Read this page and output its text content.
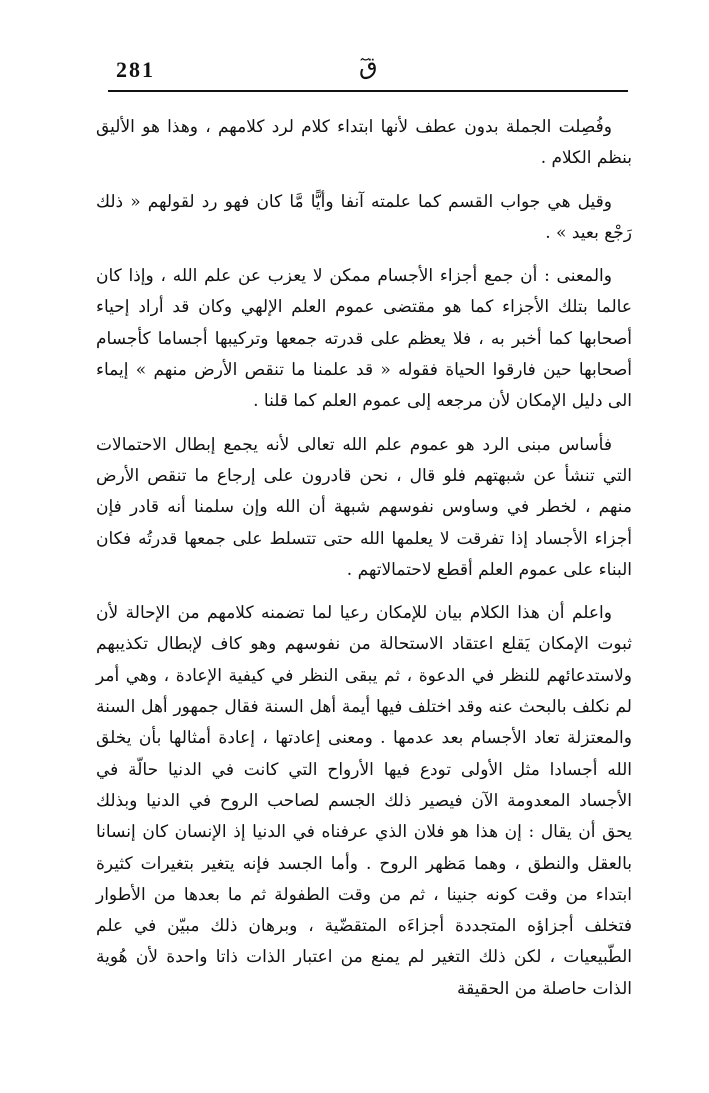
281	قٓ

وفُصِلت الجملة بدون عطف لأنها ابتداء كلام لرد كلامهم ، وهذا هو الأليق بنظم الكلام .

وقيل هي جواب القسم كما علمته آنفا وأيًّا مَّا كان فهو رد لقولهم « ذلك رَجْع بعيد » .

والمعنى : أن جمع أجزاء الأجسام ممكن لا يعزب عن علم الله ، وإذا كان عالما بتلك الأجزاء كما هو مقتضى عموم العلم الإلهي وكان قد أراد إحياء أصحابها كما أخبر به ، فلا يعظم على قدرته جمعها وتركيبها أجساما كأجسام أصحابها حين فارقوا الحياة فقوله « قد علمنا ما تنقص الأرض منهم » إيماء الى دليل الإمكان لأن مرجعه إلى عموم العلم كما قلنا .

فأساس مبنى الرد هو عموم علم الله تعالى لأنه يجمع إبطال الاحتمالات التي تنشأ عن شبهتهم فلو قال ، نحن قادرون على إرجاع ما تنقص الأرض منهم ، لخطر في وساوس نفوسهم شبهة أن الله وإن سلمنا أنه قادر فإن أجزاء الأجساد إذا تفرقت لا يعلمها الله حتى تتسلط على جمعها قدرتُه فكان البناء على عموم العلم أقطع لاحتمالاتهم .

واعلم أن هذا الكلام بيان للإمكان رعيا لما تضمنه كلامهم من الإحالة لأن ثبوت الإمكان يَقلع اعتقاد الاستحالة من نفوسهم وهو كاف لإبطال تكذيبهم ولاستدعائهم للنظر في الدعوة ، ثم يبقى النظر في كيفية الإعادة ، وهي أمر لم نكلف بالبحث عنه وقد اختلف فيها أيمة أهل السنة فقال جمهور أهل السنة والمعتزلة تعاد الأجسام بعد عدمها . ومعنى إعادتها ، إعادة أمثالها بأن يخلق الله أجسادا مثل الأولى تودع فيها الأرواح التي كانت في الدنيا حالّة في الأجساد المعدومة الآن فيصير ذلك الجسم لصاحب الروح في الدنيا وبذلك يحق أن يقال : إن هذا هو فلان الذي عرفناه في الدنيا إذ الإنسان كان إنسانا بالعقل والنطق ، وهما مَظهر الروح . وأما الجسد فإنه يتغير بتغيرات كثيرة ابتداء من وقت كونه جنينا ، ثم من وقت الطفولة ثم ما بعدها من الأطوار فتخلف أجزاؤه المتجددة أجزاءَه المتقضّية ، وبرهان ذلك مبيّن في علم الطّبيعيات ، لكن ذلك التغير لم يمنع من اعتبار الذات ذاتا واحدة لأن هُوية الذات حاصلة من الحقيقة
